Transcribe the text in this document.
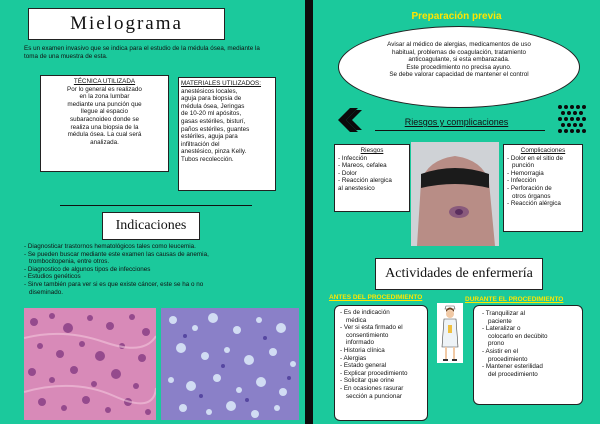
Mielograma
Es un examen invasivo que se indica para el estudio de la médula ósea, mediante la toma de una muestra de esta.
TÉCNICA UTILIZADA
Por lo general es realizado
en la zona lumbar
mediante una punción que
llegue al espacio
subaracnoideo donde se
realiza una biopsia de la
médula ósea. La cual será
analizada.
MATERIALES UTILIZADOS:
anestésicos locales,
aguja para biopsia de
médula ósea, Jeringas
de 10-20 ml apósitos,
gasas estériles, bisturí,
paños estériles, guantes
estériles, aguja para
infiltración del
anestésico, pinza Kelly.
Tubos recolección.
Indicaciones
- Diagnosticar trastornos hematológicos tales como leucemia.
- Se pueden buscar mediante este examen las causas de anemia,
trombocitopenia, entre otros.
- Diagnostico de algunos tipos de infecciones
- Estudios genéticos
- Sirve también para ver si es que existe cáncer, este se ha o no
diseminado.
Preparación previa
Avisar al médico de alergias, medicamentos de uso
habitual, problemas de coagulación, tratamiento
anticoagulante, si esta embarazada.
Este procedimiento no precisa ayuno.
Se debe valorar capacidad de mantener el control
Riesgos y complicaciones
Riesgos
- Infección
- Mareos, cefalea
- Dolor
- Reacción alergica
al anestesico
Complicaciones
- Dolor en el sitio de
punción
- Hemorragia
- Infección
- Perforación de
otros órganos
- Reacción alérgica
Actividades de enfermería
ANTES DEL PROCEDIMIENTO	DURANTE EL PROCEDIMIENTO
- Es de indicación
médica
- Ver si esta firmado el
consentimiento
informado
- Historia clínica
- Alergias
- Estado general
- Explicar procedimiento
- Solicitar que orine
- En ocasiones rasurar
sección a puncionar
- Tranquilizar al
paciente
- Lateralizar o
colocarlo en decúbito
prono
- Asistir en el
procedimiento
- Mantener esterilidad
del procedimiento
